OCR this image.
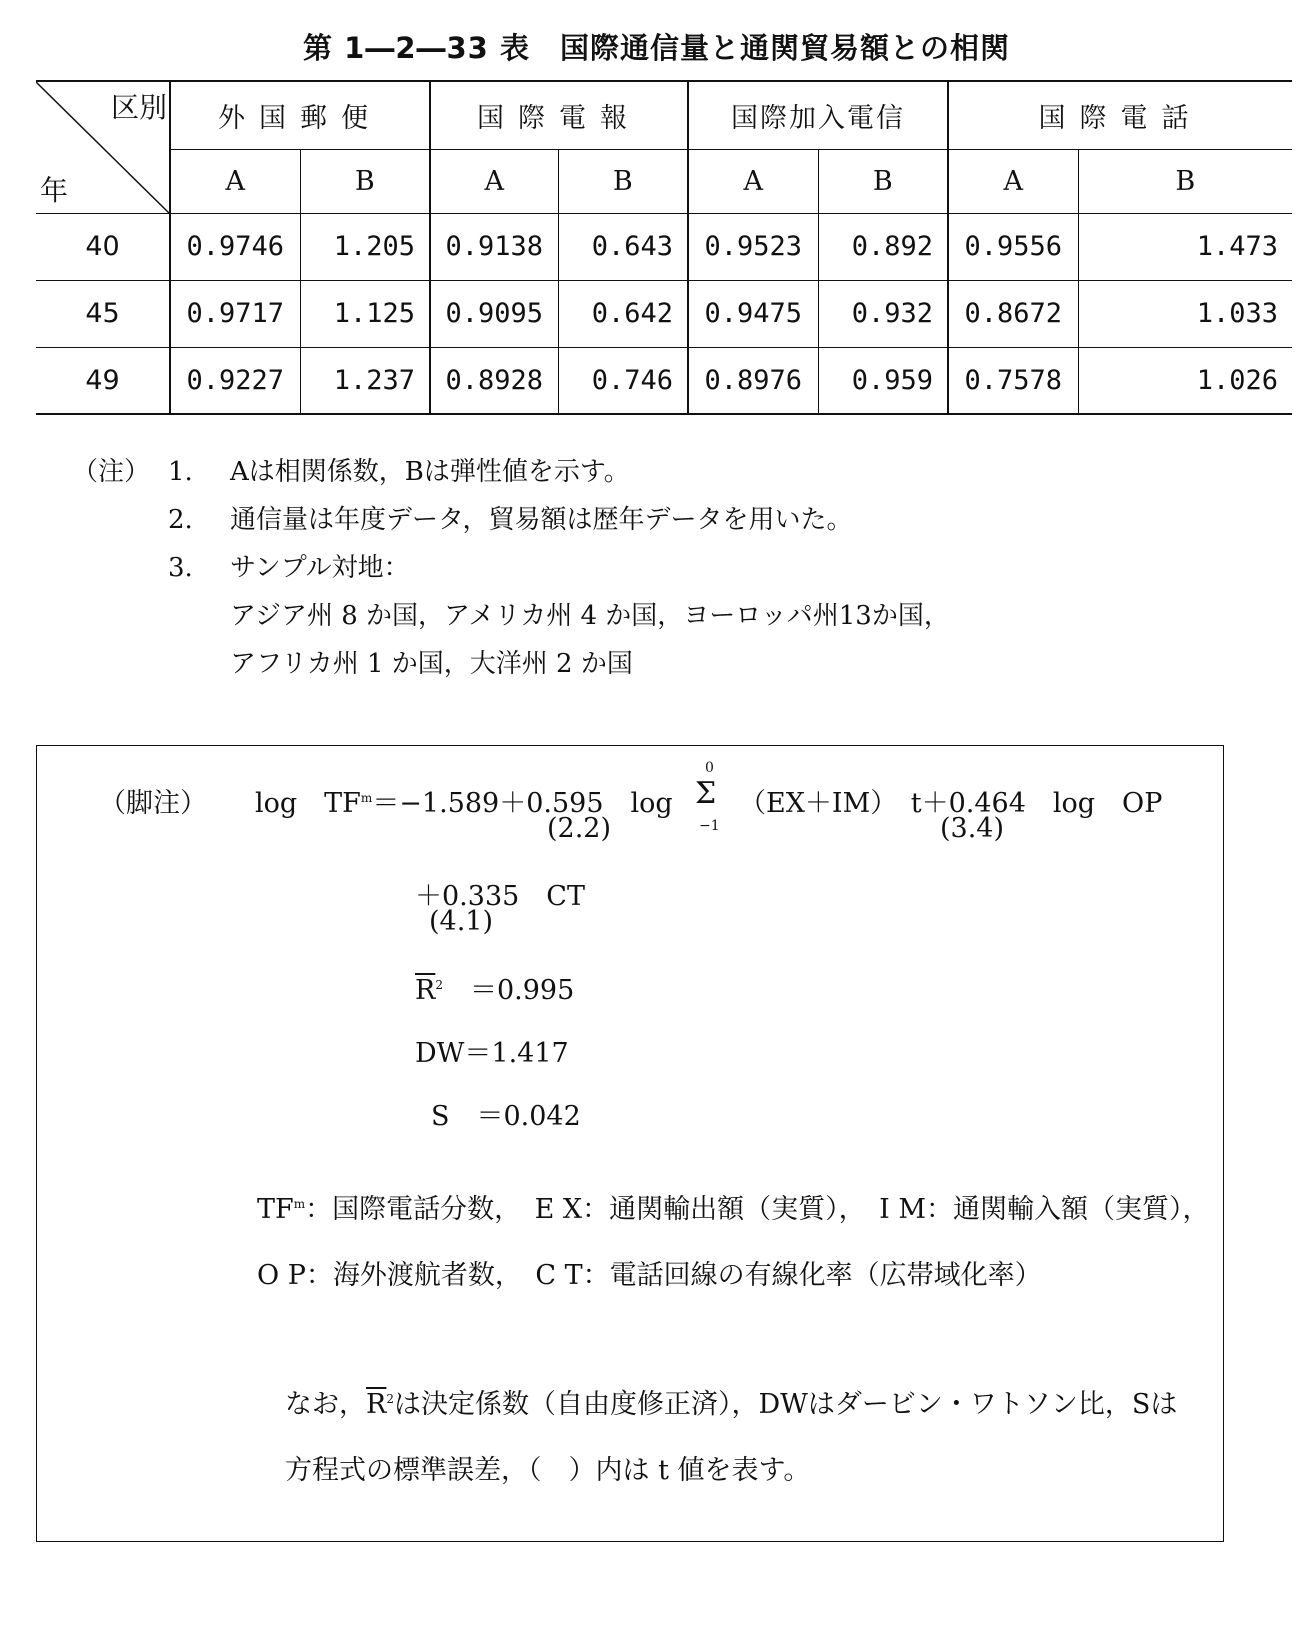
第 1―2―33 表　国際通信量と通関貿易額との相関
区別
年	外国郵便		国際電報		国際加入電信		国際電話	
	A	B	A	B	A	B	A	B
40	0.9746	1.205	0.9138	0.643	0.9523	0.892	0.9556	1.473
45	0.9717	1.125	0.9095	0.642	0.9475	0.932	0.8672	1.033
49	0.9227	1.237	0.8928	0.746	0.8976	0.959	0.7578	1.026
（注） 1.	Aは相関係数，Bは弾性値を示す。
2.	通信量は年度データ，貿易額は歴年データを用いた。
3.	サンプル対地：
アジア州 8 か国，アメリカ州 4 か国，ヨーロッパ州13か国，
アフリカ州 1 か国，大洋州 2 か国
（脚注） log　$TF^m=-1.589+0.595$　log Σ
0
−1
（EX＋IM）　t＋0.464　log　OP
(2.2)	(3.4)
＋0.335　CT
(4.1)
$\overline{R}^2$　 ＝0.995
DW＝1.417
S　＝0.042
$TF^m$：国際電話分数，　E X：通関輸出額（実質），　I M：通関輸入額（実質），　O P：海外渡航者数，　C T：電話回線の有線化率（広帯域化率）
なお，$\overline{R}^2$は決定係数（自由度修正済），DWはダービン・ワトソン比，Sは方程式の標準誤差，（　）内は t 値を表す。
